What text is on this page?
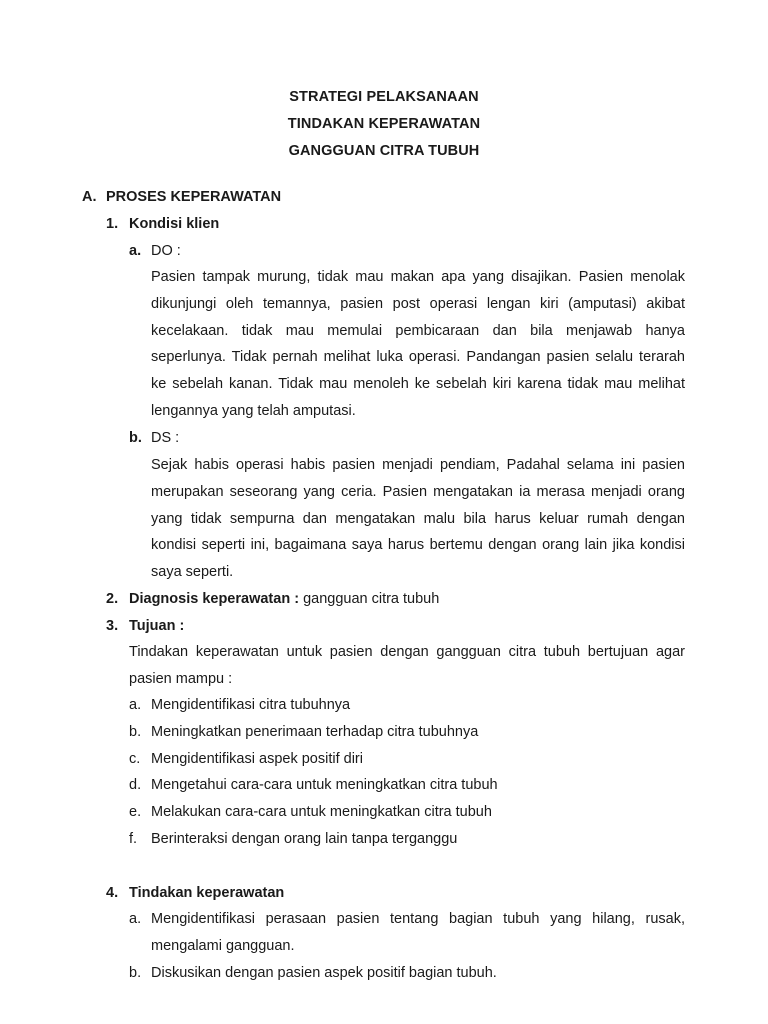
STRATEGI PELAKSANAAN
TINDAKAN KEPERAWATAN
GANGGUAN CITRA TUBUH
A. PROSES KEPERAWATAN
1. Kondisi klien
a. DO :
Pasien tampak murung, tidak mau makan apa yang disajikan. Pasien menolak dikunjungi oleh temannya, pasien post operasi lengan kiri (amputasi) akibat kecelakaan. tidak mau memulai pembicaraan dan bila menjawab hanya seperlunya. Tidak pernah melihat luka operasi. Pandangan pasien selalu terarah ke sebelah kanan. Tidak mau menoleh ke sebelah kiri karena tidak mau melihat lengannya yang telah amputasi.
b. DS :
Sejak habis operasi habis pasien menjadi pendiam, Padahal selama ini pasien merupakan seseorang yang ceria. Pasien mengatakan ia merasa menjadi orang yang tidak sempurna dan mengatakan malu bila harus keluar rumah dengan kondisi seperti ini, bagaimana saya harus bertemu dengan orang lain jika kondisi saya seperti.
2. Diagnosis keperawatan : gangguan citra tubuh
3. Tujuan :
Tindakan keperawatan untuk pasien dengan gangguan citra tubuh bertujuan agar pasien mampu :
a. Mengidentifikasi citra tubuhnya
b. Meningkatkan penerimaan terhadap citra tubuhnya
c. Mengidentifikasi aspek positif diri
d. Mengetahui cara-cara untuk meningkatkan citra tubuh
e. Melakukan cara-cara untuk meningkatkan citra tubuh
f. Berinteraksi dengan orang lain tanpa terganggu
4. Tindakan keperawatan
a. Mengidentifikasi perasaan pasien tentang bagian tubuh yang hilang, rusak, mengalami gangguan.
b. Diskusikan dengan pasien aspek positif bagian tubuh.
